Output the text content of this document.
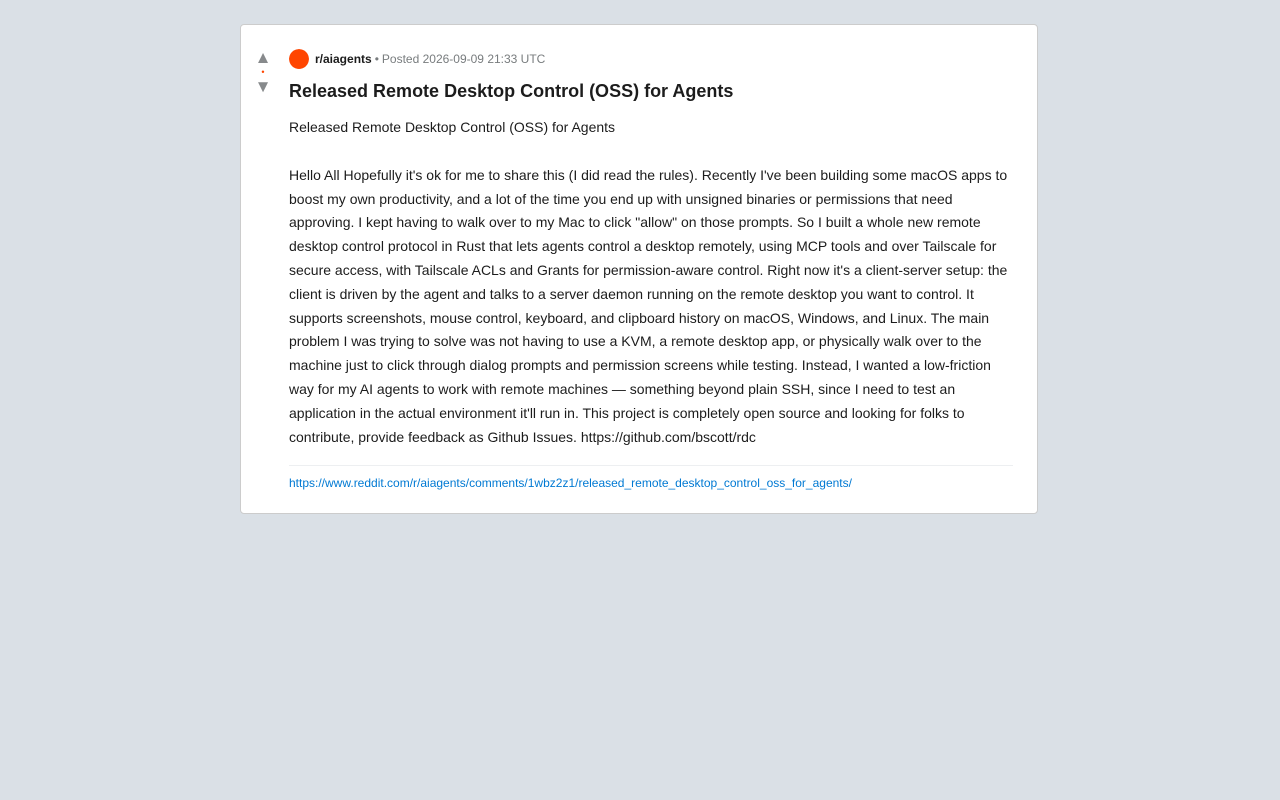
▲
•
▼
r/aiagents • Posted 2026-09-09 21:33 UTC
Released Remote Desktop Control (OSS) for Agents

Released Remote Desktop Control (OSS) for Agents

Hello All Hopefully it's ok for me to share this (I did read the rules). Recently I've been building some macOS apps to boost my own productivity, and a lot of the time you end up with unsigned binaries or permissions that need approving. I kept having to walk over to my Mac to click "allow" on those prompts. So I built a whole new remote desktop control protocol in Rust that lets agents control a desktop remotely, using MCP tools and over Tailscale for secure access, with Tailscale ACLs and Grants for permission-aware control. Right now it's a client-server setup: the client is driven by the agent and talks to a server daemon running on the remote desktop you want to control. It supports screenshots, mouse control, keyboard, and clipboard history on macOS, Windows, and Linux. The main problem I was trying to solve was not having to use a KVM, a remote desktop app, or physically walk over to the machine just to click through dialog prompts and permission screens while testing. Instead, I wanted a low-friction way for my AI agents to work with remote machines — something beyond plain SSH, since I need to test an application in the actual environment it'll run in. This project is completely open source and looking for folks to contribute, provide feedback as Github Issues. https://github.com/bscott/rdc

https://www.reddit.com/r/aiagents/comments/1wbz2z1/released_remote_desktop_control_oss_for_agents/
